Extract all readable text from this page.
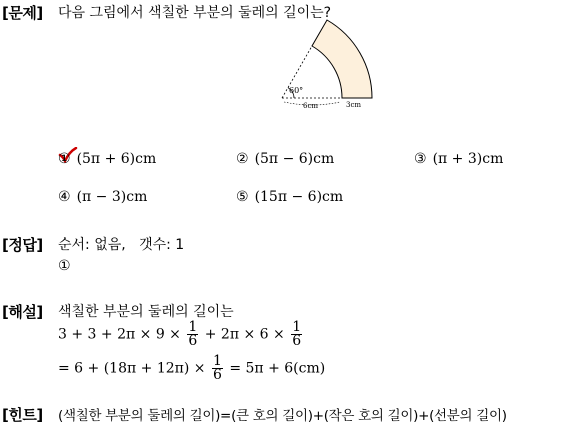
[문제] 다음 그림에서 색칠한 부분의 둘레의 길이는?
60°
6cm	3cm
① (5π + 6)cm	② (5π − 6)cm	③ (π + 3)cm
④ (π − 3)cm	⑤ (15π − 6)cm
[정답] 순서: 없음,   갯수: 1
①
[해설] 색칠한 부분의 둘레의 길이는
$3 + 3 + 2\pi \times 9 \times \frac{1}{6} + 2\pi \times 6 \times \frac{1}{6}$
= $6 + (18\pi + 12\pi) \times \frac{1}{6} = 5\pi + 6(cm)$
[힌트] (색칠한 부분의 둘레의 길이)=(큰 호의 길이)+(작은 호의 길이)+(선분의 길이)
